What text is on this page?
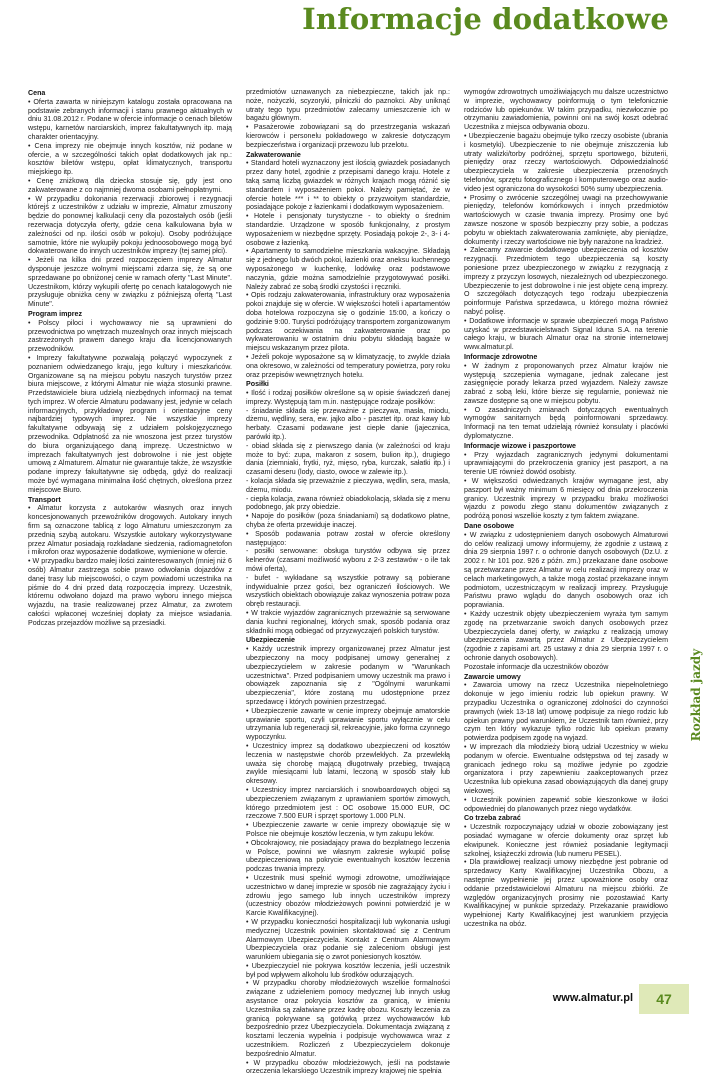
Informacje dodatkowe

Cena

• Oferta zawarta w niniejszym katalogu została opracowana na podstawie zebranych informacji i stanu prawnego aktualnych w dniu 31.08.2012 r. Podane w ofercie informacje o cenach biletów wstępu, karnetów narciarskich, imprez fakultatywnych itp. mają charakter orientacyjny.

• Cena imprezy nie obejmuje innych kosztów, niż podane w ofercie, a w szczególności takich opłat dodatkowych jak np.: kosztów biletów wstępu, opłat klimatycznych, transportu miejskiego itp.

• Cenę zniżkową dla dziecka stosuje się, gdy jest ono zakwaterowane z co najmniej dwoma osobami pełnopłatnymi.

• W przypadku dokonania rezerwacji zbiorowej i rezygnacji którejś z uczestników z udziału w imprezie, Almatur zmuszony będzie do ponownej kalkulacji ceny dla pozostałych osób (jeśli rezerwacja dotyczyła oferty, gdzie cena kalkulowana była w zależności od np. ilości osób w pokoju). Osoby podróżujące samotnie, które nie wykupiły pokoju jednoosobowego mogą być dokwaterowane do innych uczestników imprezy (tej samej płci).

• Jeżeli na kilka dni przed rozpoczęciem imprezy Almatur dysponuje jeszcze wolnymi miejscami zdarza się, że są one sprzedawane po obniżonej cenie w ramach oferty "Last Minute". Uczestnikom, którzy wykupili ofertę po cenach katalogowych nie przysługuje obniżka ceny w związku z późniejszą ofertą "Last Minute".

Program imprez

• Polscy piloci i wychowawcy nie są uprawnieni do przewodnictwa po wnętrzach muzealnych oraz innych miejscach zastrzeżonych prawem danego kraju dla licencjonowanych przewodników.

• Imprezy fakultatywne pozwalają połączyć wypoczynek z poznaniem odwiedzanego kraju, jego kultury i mieszkańców. Organizowane są na miejscu pobytu naszych turystów przez biura miejscowe, z którymi Almatur nie wiąża stosunki prawne. Przedstawiciele biura udzielą niezbędnych informacji na temat tych imprez. W ofercie Almaturu podawany jest, jedynie w celach informacyjnych, przykładowy program i orientacyjne ceny najbardziej typowych imprez. Nie wszystkie imprezy fakultatywne odbywają się z udziałem polskojęzycznego przewodnika. Odpłatność za nie wnoszona jest przez turystów do biura organizującego daną imprezę. Uczestnictwo w imprezach fakultatywnych jest dobrowolne i nie jest objęte umową z Almaturem. Almatur nie gwarantuje także, że wszystkie podane imprezy fakultatywne się odbędą, gdyż do realizacji może być wymagana minimalna ilość chętnych, określona przez miejscowe Biuro.

Transport

• Almatur korzysta z autokarów własnych oraz innych koncesjonowanych przewoźników drogowych. Autokary innych firm są oznaczone tablicą z logo Almaturu umieszczonym za przednią szybą autokaru. Wszystkie autokary wykorzystywane przez Almatur posiadają rozkładane siedzenia, radiomagnetofon i mikrofon oraz wyposażenie dodatkowe, wymienione w ofercie.

• W przypadku bardzo małej ilości zainteresowanych (mniej niż 6 osób) Almatur zastrzega sobie prawo odwołania dojazdów z danej trasy lub miejscowości, o czym powiadomi uczestnika na piśmie do 4 dni przed datą rozpoczęcia imprezy. Uczestnik, któremu odwołano dojazd ma prawo wyboru innego miejsca wyjazdu, na trasie realizowanej przez Almatur, za zwrotem całości wpłaconej wcześniej dopłaty za miejsce wsiadania. Podczas przejazdów możliwe są przesiadki.

przedmiotów uznawanych za niebezpieczne, takich jak np.: noże, nożyczki, scyzoryki, pilniczki do paznokci. Aby uniknąć utraty tego typu przedmiotów zalecamy umieszczenie ich w bagażu głównym.

• Pasażerowie zobowiązani są do przestrzegania wskazań kierowców i personelu pokładowego w zakresie dotyczącym bezpieczeństwa i organizacji przewozu lub przelotu.

Zakwaterowanie

• Standard hoteli wyznaczony jest ilością gwiazdek posiadanych przez dany hotel, zgodnie z przepisami danego kraju. Hotele z taką samą liczbą gwiazdek w różnych krajach mogą różnić się standardem i wyposażeniem pokoi. Należy pamiętać, że w ofercie hotele *** i ** to obiekty o przyzwoitym standardzie, posiadające pokoje z łazienkami i dodatkowym wyposażeniem.

• Hotele i pensjonaty turystyczne - to obiekty o średnim standardzie. Urządzone w sposób funkcjonalny, z prostym wyposażeniem w niezbędne sprzęty. Posiadają pokoje 2-, 3- i 4-osobowe z łazienką.

• Apartamenty to samodzielne mieszkania wakacyjne. Składają się z jednego lub dwóch pokoi, łazienki oraz aneksu kuchennego wyposażonego w kuchenkę, lodówkę oraz podstawowe naczynia, gdzie można samodzielnie przygotowywać posiłki. Należy zabrać ze sobą środki czystości i ręczniki.

• Opis rodzaju zakwaterowania, infrastruktury oraz wyposażenia pokoi znajduje się w ofercie. W większości hoteli i apartamentów doba hotelowa rozpoczyna się o godzinie 15:00, a kończy o godzinie 9:00. Turyści podróżujący transportem zorganizowanym podczas oczekiwania na zakwaterowanie oraz po wykwaterowaniu w ostatnim dniu pobytu składają bagaże w miejscu wskazanym przez pilota.

• Jeżeli pokoje wyposażone są w klimatyzację, to zwykle działa ona okresowo, w zależności od temperatury powietrza, pory roku oraz przepisów wewnętrznych hotelu.

Posiłki

• Ilość i rodzaj posiłków określone są w opisie świadczeń danej imprezy. Występują tam m.in. następujące rodzaje posiłków:

- śniadanie składa się przeważnie z pieczywa, masła, miodu, dżemu, wędliny, sera, ew. jajko albo - pasztet itp. oraz kawy lub herbaty. Czasami podawane jest ciepłe danie (jajecznica, parówki itp.).

- obiad składa się z pierwszego dania (w zależności od kraju może to być: zupa, makaron z sosem, bulion itp.), drugiego dania (ziemniaki, frytki, ryż, mięso, ryba, kurczak, sałatki itp.) i czasami deseru (lody, ciasto, owoce w zalewie itp.).

- kolacja składa się przeważnie z pieczywa, wędlin, sera, masła, dżemu, miodu.

- ciepła kolacja, zwana również obiadokolacją, składa się z menu podobnego, jak przy obiedzie.

• Napoje do posiłków (poza śniadaniami) są dodatkowo płatne, chyba że oferta przewiduje inaczej.

• Sposób podawania potraw został w ofercie określony następująco:

- posiłki serwowane: obsługa turystów odbywa się przez kelnerów (czasami możliwość wyboru z 2-3 zestawów - o ile tak mówi oferta),

- bufet - wykładane są wszystkie potrawy są pobierane indywidualnie przez gości, bez ograniczeń ilościowych. We wszystkich obiektach obowiązuje zakaz wynoszenia potraw poza obręb restauracji.

• W trakcie wyjazdów zagranicznych przeważnie są serwowane dania kuchni regionalnej, których smak, sposób podania oraz składniki mogą odbiegać od przyzwyczajeń polskich turystów.

Ubezpieczenie

• Każdy uczestnik imprezy organizowanej przez Almatur jest ubezpieczony na mocy podpisanej umowy generalnej z ubezpieczycielem w zakresie podanym w "Warunkach uczestnictwa". Przed podpisaniem umowy uczestnik ma prawo i obowiązek zapoznania się z "Ogólnymi warunkami ubezpieczenia", które zostaną mu udostępnione przez sprzedawcę i których powinien przestrzegać.

• Ubezpieczenie zawarte w cenie imprezy obejmuje amatorskie uprawianie sportu, czyli uprawianie sportu wyłącznie w celu utrzymania lub regeneracji sił, rekreacyjnie, jako forma czynnego wypoczynku.

• Uczestnicy imprez są dodatkowo ubezpieczeni od kosztów leczenia w następstwie chorób przewlekłych. Za przewlekłą uważa się chorobę mającą długotrwały przebieg, trwającą zwykle miesiącami lub latami, leczoną w sposób stały lub okresowy.

• Uczestnicy imprez narciarskich i snowboardowych objęci są ubezpieczeniem związanym z uprawianiem sportów zimowych, którego przedmiotem jest : OC osobowe 15.000 EUR, OC rzeczowe 7.500 EUR i sprzęt sportowy 1.000 PLN.

• Ubezpieczenie zawarte w cenie imprezy obowiązuje się w Polsce nie obejmuje kosztów leczenia, w tym zakupu leków.

• Obcokrajowcy, nie posiadający prawa do bezpłatnego leczenia w Polsce, powinni we własnym zakresie wykupić polisę ubezpieczeniową na pokrycie ewentualnych kosztów leczenia podczas trwania imprezy.

• Uczestnik musi spełnić wymogi zdrowotne, umożliwiające uczestnictwo w danej imprezie w sposób nie zagrażający życiu i zdrowiu jego samego lub innych uczestników imprezy (uczestnicy obozów młodzieżowych powinni potwierdzić je w Karcie Kwalifikacyjnej).

• W przypadku konieczności hospitalizacji lub wykonania usługi medycznej Uczestnik powinien skontaktować się z Centrum Alarmowym Ubezpieczyciela. Kontakt z Centrum Alarmowym Ubezpieczyciela oraz podanie się zaleceniom obsługi jest warunkiem ubiegania się o zwrot poniesionych kosztów.

• Ubezpieczyciel nie pokrywa kosztów leczenia, jeśli uczestnik był pod wpływem alkoholu lub środków odurzających.

• W przypadku choroby młodzieżowych wszelkie formalności związane z udzieleniem pomocy medycznej lub innych usług asystance oraz pokrycia kosztów za granicą, w imieniu Uczestnika są załatwiane przez kadrę obozu. Koszty leczenia za granicą pokrywane są gotówką przez wychowawców lub bezpośrednio przez Ubezpieczyciela. Dokumentacja związaną z kosztami leczenia wypełnia i podpisuje wychowawca wraz z uczestnikiem. Rozliczeń z Ubezpieczycielem dokonuje bezpośrednio Almatur.

• W przypadku obozów młodzieżowych, jeśli na podstawie orzeczenia lekarskiego Uczestnik imprezy krajowej nie spełnia

wymogów zdrowotnych umożliwiających mu dalsze uczestnictwo w imprezie, wychowawcy poinformują o tym telefonicznie rodziców lub opiekunów. W takim przypadku, niezwłocznie po otrzymaniu zawiadomienia, powinni oni na swój koszt odebrać Uczestnika z miejsca odbywania obozu.

• Ubezpieczenie bagażu obejmuje tylko rzeczy osobiste (ubrania i kosmetyki). Ubezpieczenie to nie obejmuje zniszczenia lub utraty walizki/torby podróżnej, sprzętu sportowego, biżuterii, pieniędzy oraz rzeczy wartościowych. Odpowiedzialność ubezpieczyciela w zakresie ubezpieczenia przenośnych telefonów, sprzętu fotograficznego i komputerowego oraz audio-video jest ograniczona do wysokości 50% sumy ubezpieczenia.

• Prosimy o zwrócenie szczególnej uwagi na przechowywanie pieniędzy, telefonów komórkowych i innych przedmiotów wartościowych w czasie trwania imprezy. Prosimy one być zawsze noszone w sposób bezpieczny przy sobie, a podczas pobytu w obiektach zakwaterowania zamknięte, aby pieniądze, dokumenty i rzeczy wartościowe nie były narażone na kradzież.

• Zalecamy zawarcie dodatkowego ubezpieczenia od kosztów rezygnacji. Przedmiotem tego ubezpieczenia są koszty poniesione przez ubezpieczonego w związku z rezygnacją z imprezy z przyczyn losowych, niezależnych od ubezpieczonego. Ubezpieczenie to jest dobrowolne i nie jest objęte ceną imprezy. O szczegółach dotyczących tego rodzaju ubezpieczenia poinformuje Państwa sprzedawca, u którego można również nabyć polisę.

• Dodatkowe informacje w sprawie ubezpieczeń mogą Państwo uzyskać w przedstawicielstwach Signal Iduna S.A. na terenie całego kraju, w biurach Almatur oraz na stronie internetowej www.almatur.pl.

Informacje zdrowotne

• W żadnym z proponowanych przez Almatur krajów nie występują szczepienia wymagane, jednak zalecane jest zasięgnięcie porady lekarza przed wyjazdem. Należy zawsze zabrać z sobą leki, które bierze się regularnie, ponieważ nie zawsze dostępne są one w miejscu pobytu.

• O zasadniczych zmianach dotyczących ewentualnych wymogów sanitarnych będą poinformowani sprzedawcy. Informacji na ten temat udzielają również konsulaty i placówki dyplomatyczne.

Informacje wizowe i paszportowe

• Przy wyjazdach zagranicznych jedynymi dokumentami uprawniającymi do przekroczenia granicy jest paszport, a na terenie UE również dowód osobisty.

• W większości odwiedzanych krajów wymagane jest, aby paszport był ważny minimum 6 miesięcy od dnia przekroczenia granicy. Uczestnik imprezy w przypadku braku możliwości wjazdu z powodu złego stanu dokumentów związanych z podróżą ponosi wszelkie koszty z tym faktem związane.

Dane osobowe

• W związku z udostępnieniem danych osobowych Almaturowi do celów realizacji umowy informujemy, że zgodnie z ustawą z dnia 29 sierpnia 1997 r. o ochronie danych osobowych (Dz.U. z 2002 r. Nr 101 poz. 926 z późn. zm.) przekazane dane osobowe są przetwarzane przez Almatur w celu realizacji imprezy oraz w celach marketingowych, a także mogą zostać przekazane innym podmiotom, uczestniczącym w realizacji imprezy. Przysługuje Państwu prawo wglądu do danych osobowych oraz ich poprawiania.

• Każdy uczestnik objęty ubezpieczeniem wyraża tym samym zgodę na przetwarzanie swoich danych osobowych przez Ubezpieczyciela danej oferty, w związku z realizacją umowy ubezpieczenia zawartą przez Almatur z Ubezpieczycielem (zgodnie z zapisami art. 25 ustawy z dnia 29 sierpnia 1997 r. o ochronie danych osobowych).

Pozostałe informacje dla uczestników obozów

Zawarcie umowy

• Zawarcia umowy na rzecz Uczestnika niepełnoletniego dokonuje w jego imieniu rodzic lub opiekun prawny. W przypadku Uczestnika o ograniczonej zdolności do czynności prawnych (wiek 13-18 lat) umowę podpisuje za niego rodzic lub opiekun prawny pod warunkiem, że Uczestnik tam również, przy czym ten który wykazuje tylko rodzic lub opiekun prawny potwierdza podpisem zgodę na wyjazd.

• W imprezach dla młodzieży biorą udział Uczestnicy w wieku podanym w ofercie. Ewentualne odstępstwa od tej zasady w granicach jednego roku są możliwe jedynie po zgodzie organizatora i przy zapewnieniu zaakceptowanych przez Uczestnika lub opiekuna zasad obowiązujących dla danej grupy wiekowej.

• Uczestnik powinien zapewnić sobie kieszonkowe w ilości odpowiedniej do planowanych przez niego wydatków.

Co trzeba zabrać

• Uczestnik rozpoczynający udział w obozie zobowiązany jest posiadać wymagane w ofercie dokumenty oraz sprzęt lub ekwipunek. Konieczne jest również posiadanie legitymacji szkolnej, książeczki zdrowia (lub numeru PESEL).

• Dla prawidłowej realizacji umowy niezbędne jest pobranie od sprzedawcy Karty Kwalifikacyjnej Uczestnika Obozu, a następnie wypełnienie jej przez upoważnione osoby oraz oddanie przedstawicielowi Almaturu na miejscu zbiórki. Ze względów organizacyjnych prosimy nie pozostawiać Karty Kwalifikacyjnej w punkcie sprzedaży. Przekazanie prawidłowo wypełnionej Karty Kwalifikacyjnej jest warunkiem przyjęcia uczestnika na obóz.

Rozkład jazdy
www.almatur.pl	47
